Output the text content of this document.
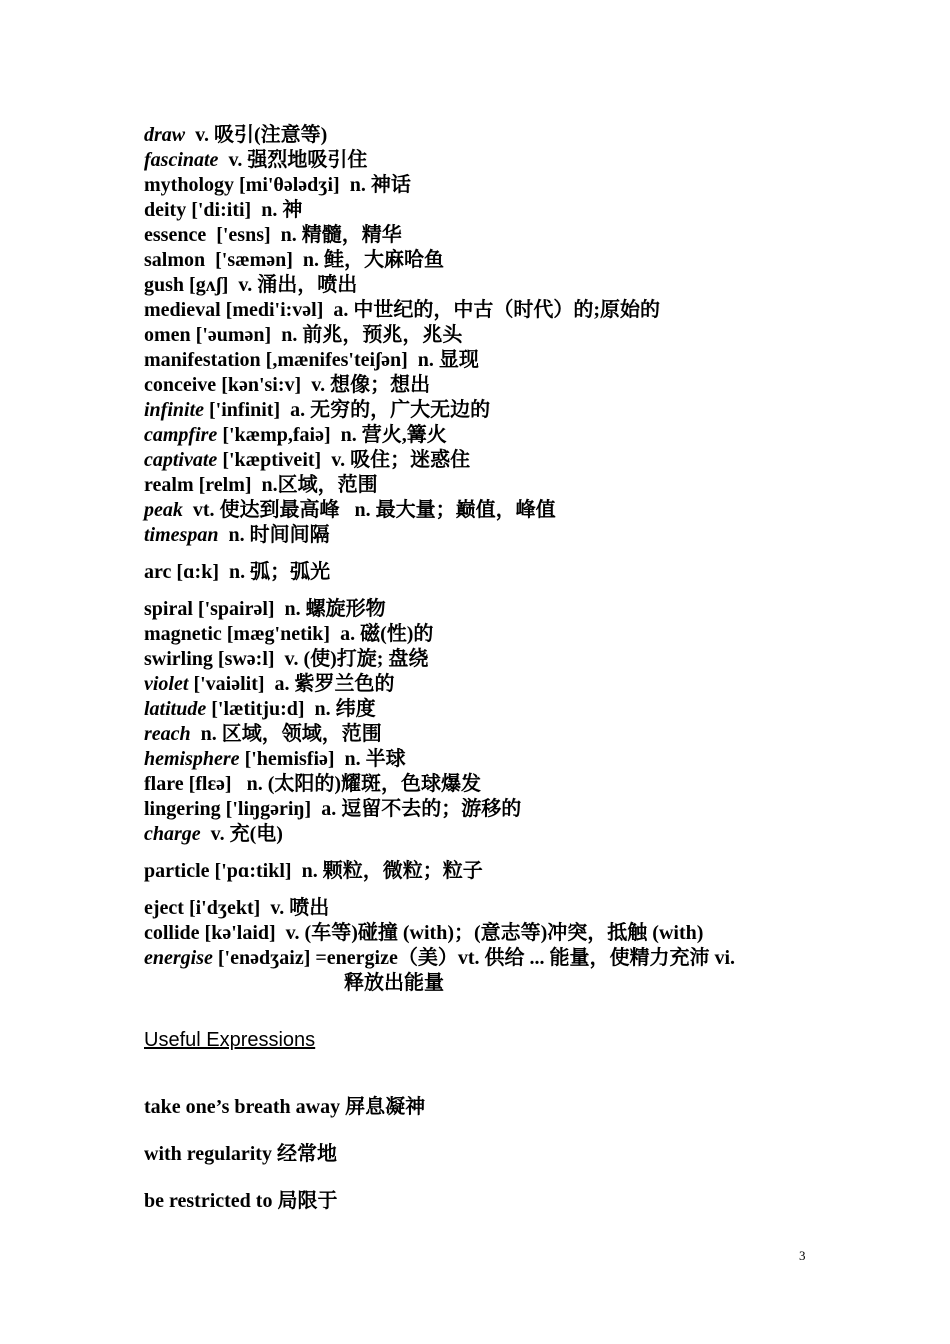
draw  v. 吸引(注意等)
fascinate  v. 强烈地吸引住
mythology [mi'θələdʒi]  n. 神话
deity ['di:iti]  n. 神
essence  ['esns]  n. 精髓，精华
salmon  ['sæmən]  n. 鲑，大麻哈鱼
gush [gʌʃ]  v. 涌出，喷出
medieval [medi'i:vəl]  a. 中世纪的，中古（时代）的;原始的
omen ['əumən]  n. 前兆，预兆，兆头
manifestation [,mænifes'teiʃən]  n. 显现
conceive [kən'si:v]  v. 想像；想出
infinite ['infinit]  a. 无穷的，广大无边的
campfire ['kæmp,faiə]  n. 营火,篝火
captivate ['kæptiveit]  v. 吸住；迷惑住
realm [relm]  n.区域，范围
peak  vt. 使达到最高峰   n. 最大量；巅值，峰值
timespan  n. 时间间隔
arc [ɑ:k]  n. 弧；弧光
spiral ['spairəl]  n. 螺旋形物
magnetic [mæg'netik]  a. 磁(性)的
swirling [swə:l]  v. (使)打旋; 盘绕
violet ['vaiəlit]  a. 紫罗兰色的
latitude ['lætitju:d]  n. 纬度
reach  n. 区域，领域，范围
hemisphere ['hemisfiə]  n. 半球
flare [flɛə]   n. (太阳的)耀斑，色球爆发
lingering ['liŋgəriŋ]  a. 逗留不去的；游移的
charge  v. 充(电)
particle ['pɑ:tikl]  n. 颗粒，微粒；粒子
eject [i'dʒekt]  v. 喷出
collide [kə'laid]  v. (车等)碰撞 (with)；(意志等)冲突，抵触 (with)
energise ['enədʒaiz] =energize（美）vt. 供给 ... 能量，使精力充沛 vi.
释放出能量
Useful Expressions
take one’s breath away 屏息凝神
with regularity 经常地
be restricted to 局限于
3
